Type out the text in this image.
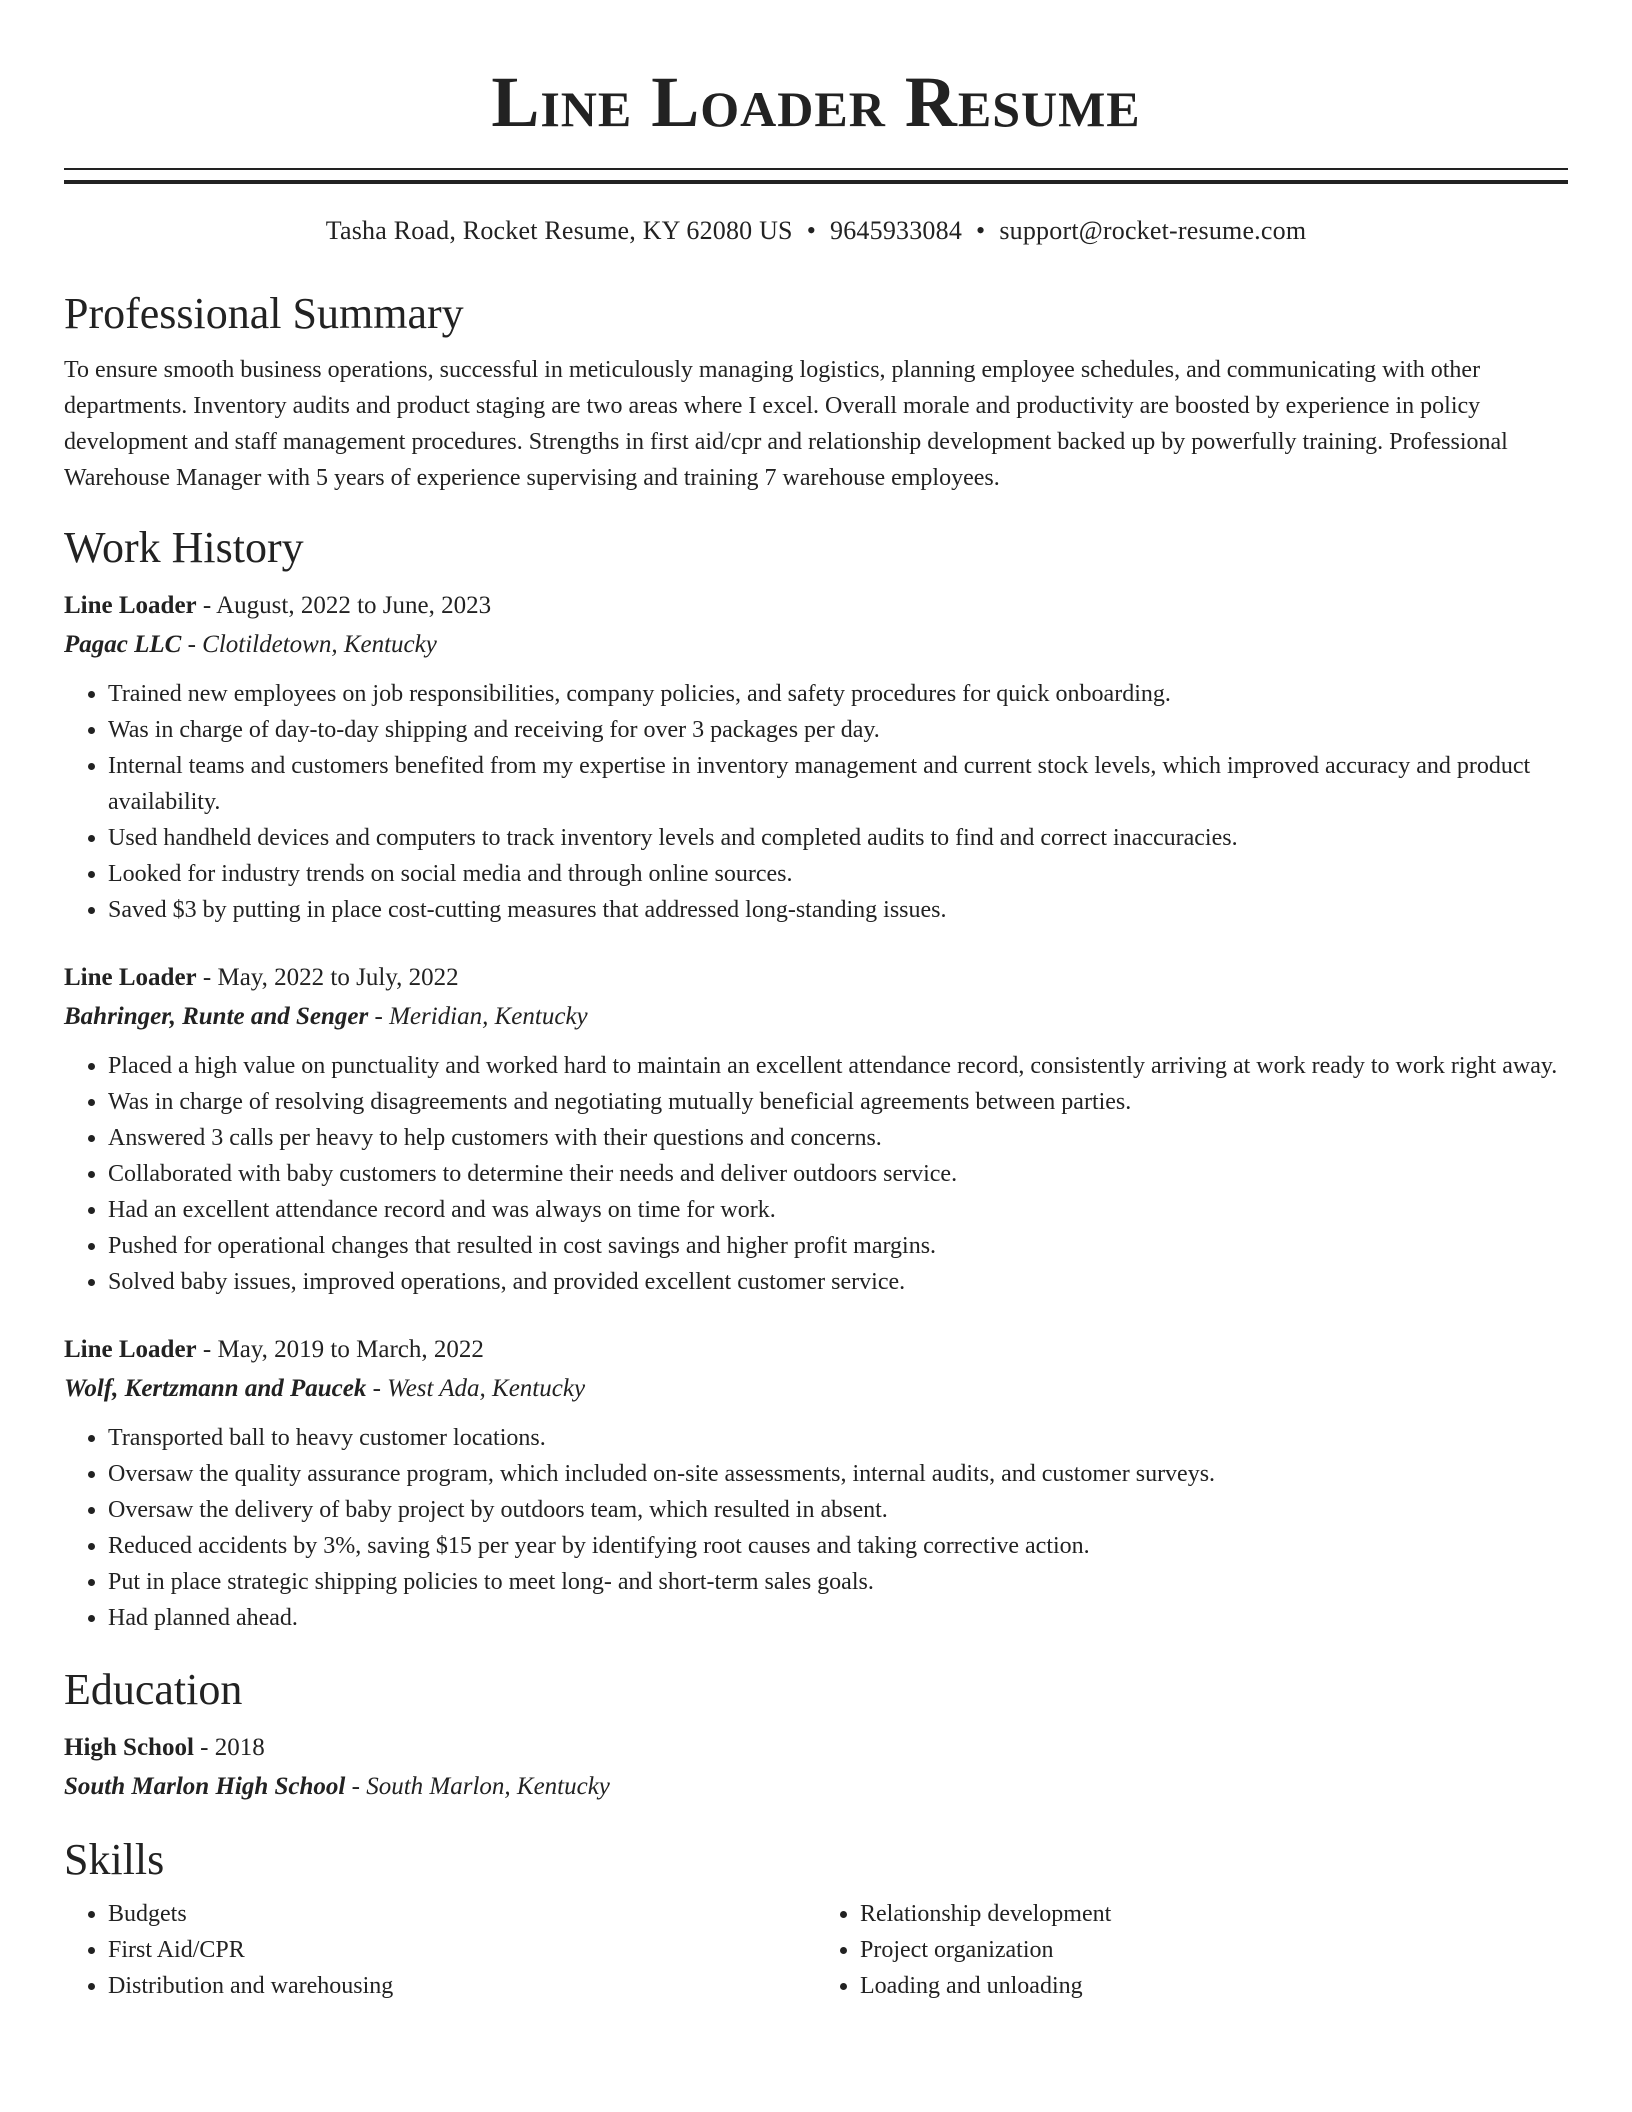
Line Loader Resume
Tasha Road, Rocket Resume, KY 62080 US • 9645933084 • support@rocket-resume.com
Professional Summary
To ensure smooth business operations, successful in meticulously managing logistics, planning employee schedules, and communicating with other departments. Inventory audits and product staging are two areas where I excel. Overall morale and productivity are boosted by experience in policy development and staff management procedures. Strengths in first aid/cpr and relationship development backed up by powerfully training. Professional Warehouse Manager with 5 years of experience supervising and training 7 warehouse employees.
Work History
Line Loader - August, 2022 to June, 2023
Pagac LLC - Clotildetown, Kentucky
• Trained new employees on job responsibilities, company policies, and safety procedures for quick onboarding.
• Was in charge of day-to-day shipping and receiving for over 3 packages per day.
• Internal teams and customers benefited from my expertise in inventory management and current stock levels, which improved accuracy and product availability.
• Used handheld devices and computers to track inventory levels and completed audits to find and correct inaccuracies.
• Looked for industry trends on social media and through online sources.
• Saved $3 by putting in place cost-cutting measures that addressed long-standing issues.
Line Loader - May, 2022 to July, 2022
Bahringer, Runte and Senger - Meridian, Kentucky
• Placed a high value on punctuality and worked hard to maintain an excellent attendance record, consistently arriving at work ready to work right away.
• Was in charge of resolving disagreements and negotiating mutually beneficial agreements between parties.
• Answered 3 calls per heavy to help customers with their questions and concerns.
• Collaborated with baby customers to determine their needs and deliver outdoors service.
• Had an excellent attendance record and was always on time for work.
• Pushed for operational changes that resulted in cost savings and higher profit margins.
• Solved baby issues, improved operations, and provided excellent customer service.
Line Loader - May, 2019 to March, 2022
Wolf, Kertzmann and Paucek - West Ada, Kentucky
• Transported ball to heavy customer locations.
• Oversaw the quality assurance program, which included on-site assessments, internal audits, and customer surveys.
• Oversaw the delivery of baby project by outdoors team, which resulted in absent.
• Reduced accidents by 3%, saving $15 per year by identifying root causes and taking corrective action.
• Put in place strategic shipping policies to meet long- and short-term sales goals.
• Had planned ahead.
Education
High School - 2018
South Marlon High School - South Marlon, Kentucky
Skills
• Budgets
• First Aid/CPR
• Distribution and warehousing
• Relationship development
• Project organization
• Loading and unloading
